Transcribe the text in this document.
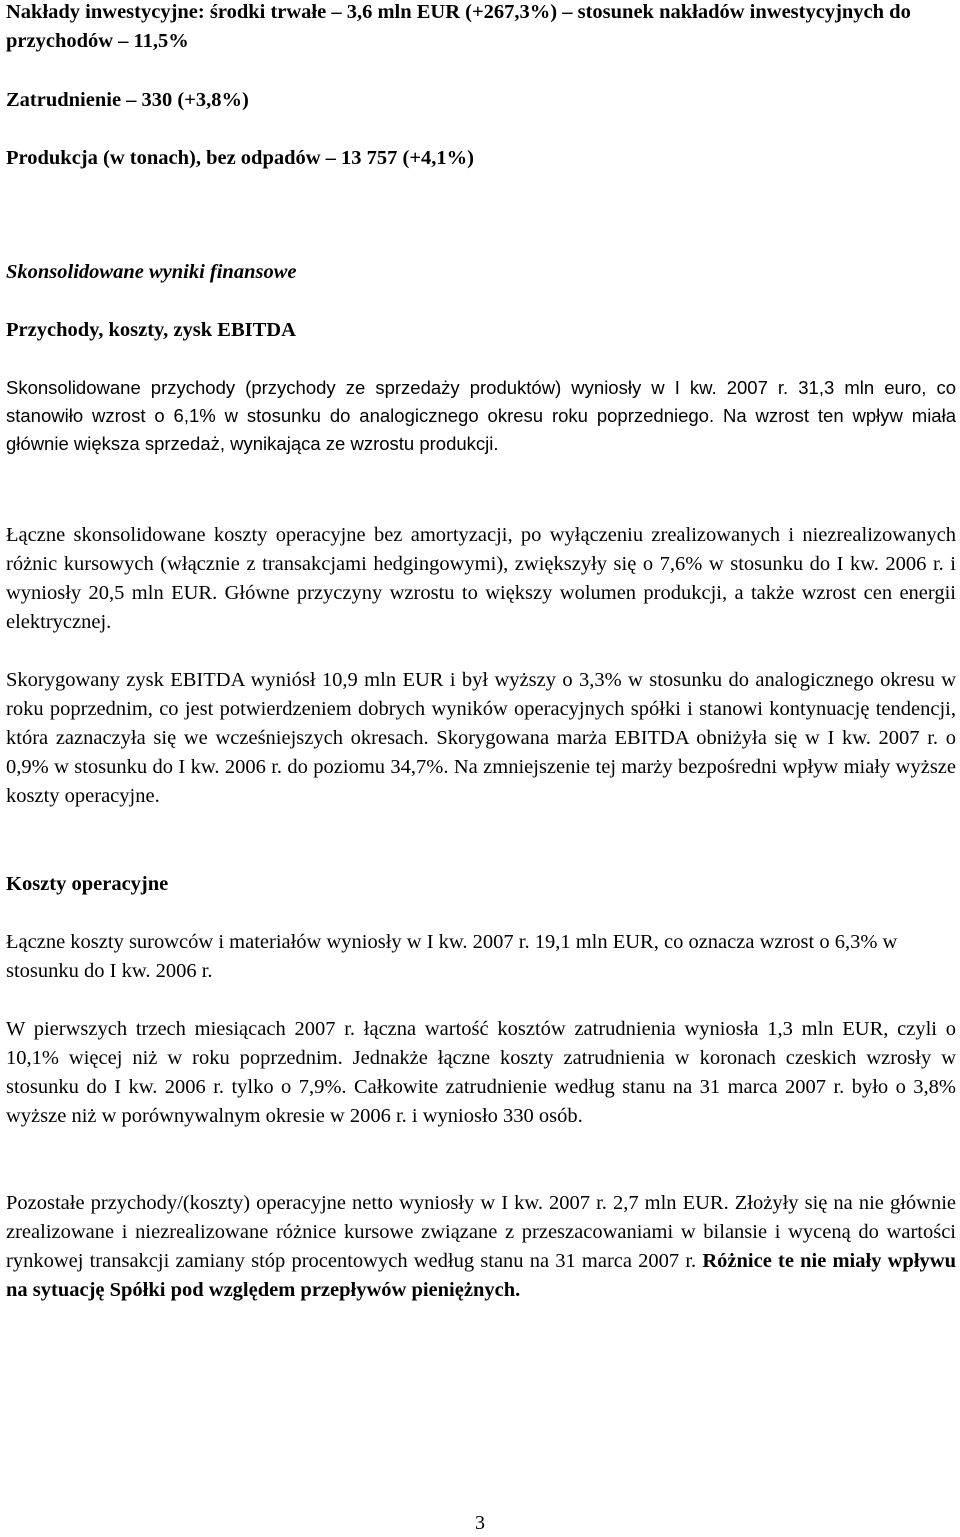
Nakłady inwestycyjne: środki trwałe – 3,6 mln EUR (+267,3%) – stosunek nakładów inwestycyjnych do przychodów – 11,5%

Zatrudnienie – 330 (+3,8%)

Produkcja (w tonach), bez odpadów – 13 757 (+4,1%)

Skonsolidowane wyniki finansowe

Przychody, koszty, zysk EBITDA

Skonsolidowane przychody (przychody ze sprzedaży produktów) wyniosły w I kw. 2007 r. 31,3 mln euro, co stanowiło wzrost o 6,1% w stosunku do analogicznego okresu roku poprzedniego. Na wzrost ten wpływ miała głównie większa sprzedaż, wynikająca ze wzrostu produkcji.

Łączne skonsolidowane koszty operacyjne bez amortyzacji, po wyłączeniu zrealizowanych i niezrealizowanych różnic kursowych (włącznie z transakcjami hedgingowymi), zwiększyły się o 7,6% w stosunku do I kw. 2006 r. i wyniosły 20,5 mln EUR. Główne przyczyny wzrostu to większy wolumen produkcji, a także wzrost cen energii elektrycznej.

Skorygowany zysk EBITDA wyniósł 10,9 mln EUR i był wyższy o 3,3% w stosunku do analogicznego okresu w roku poprzednim, co jest potwierdzeniem dobrych wyników operacyjnych spółki i stanowi kontynuację tendencji, która zaznaczyła się we wcześniejszych okresach. Skorygowana marża EBITDA obniżyła się w I kw. 2007 r. o 0,9% w stosunku do I kw. 2006 r. do poziomu 34,7%. Na zmniejszenie tej marży bezpośredni wpływ miały wyższe koszty operacyjne.

Koszty operacyjne

Łączne koszty surowców i materiałów wyniosły w I kw. 2007 r. 19,1 mln EUR, co oznacza wzrost o 6,3% w stosunku do I kw. 2006 r.

W pierwszych trzech miesiącach 2007 r. łączna wartość kosztów zatrudnienia wyniosła 1,3 mln EUR, czyli o 10,1% więcej niż w roku poprzednim. Jednakże łączne koszty zatrudnienia w koronach czeskich wzrosły w stosunku do I kw. 2006 r. tylko o 7,9%. Całkowite zatrudnienie według stanu na 31 marca 2007 r. było o 3,8% wyższe niż w porównywalnym okresie w 2006 r. i wyniosło 330 osób.

Pozostałe przychody/(koszty) operacyjne netto wyniosły w I kw. 2007 r. 2,7 mln EUR. Złożyły się na nie głównie zrealizowane i niezrealizowane różnice kursowe związane z przeszacowaniami w bilansie i wyceną do wartości rynkowej transakcji zamiany stóp procentowych według stanu na 31 marca 2007 r. Różnice te nie miały wpływu na sytuację Spółki pod względem przepływów pieniężnych.

3
